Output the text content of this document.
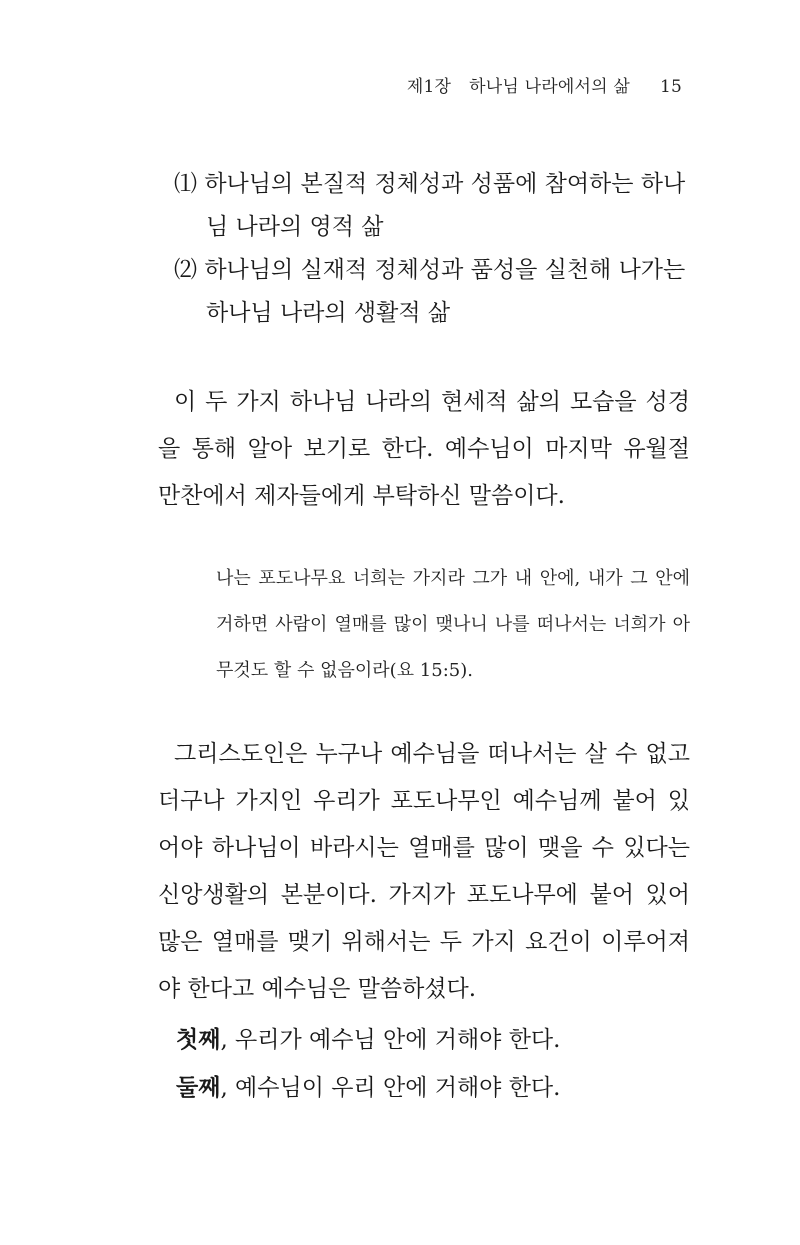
제1장 하나님 나라에서의 삶 15

⑴ 하나님의 본질적 정체성과 성품에 참여하는 하나님 나라의 영적 삶

⑵ 하나님의 실재적 정체성과 품성을 실천해 나가는 하나님 나라의 생활적 삶

이 두 가지 하나님 나라의 현세적 삶의 모습을 성경을 통해 알아 보기로 한다. 예수님이 마지막 유월절 만찬에서 제자들에게 부탁하신 말씀이다.

나는 포도나무요 너희는 가지라 그가 내 안에, 내가 그 안에 거하면 사람이 열매를 많이 맺나니 나를 떠나서는 너희가 아무것도 할 수 없음이라(요 15:5).

그리스도인은 누구나 예수님을 떠나서는 살 수 없고 더구나 가지인 우리가 포도나무인 예수님께 붙어 있어야 하나님이 바라시는 열매를 많이 맺을 수 있다는 신앙생활의 본분이다. 가지가 포도나무에 붙어 있어 많은 열매를 맺기 위해서는 두 가지 요건이 이루어져야 한다고 예수님은 말씀하셨다.

첫째, 우리가 예수님 안에 거해야 한다.

둘째, 예수님이 우리 안에 거해야 한다.
